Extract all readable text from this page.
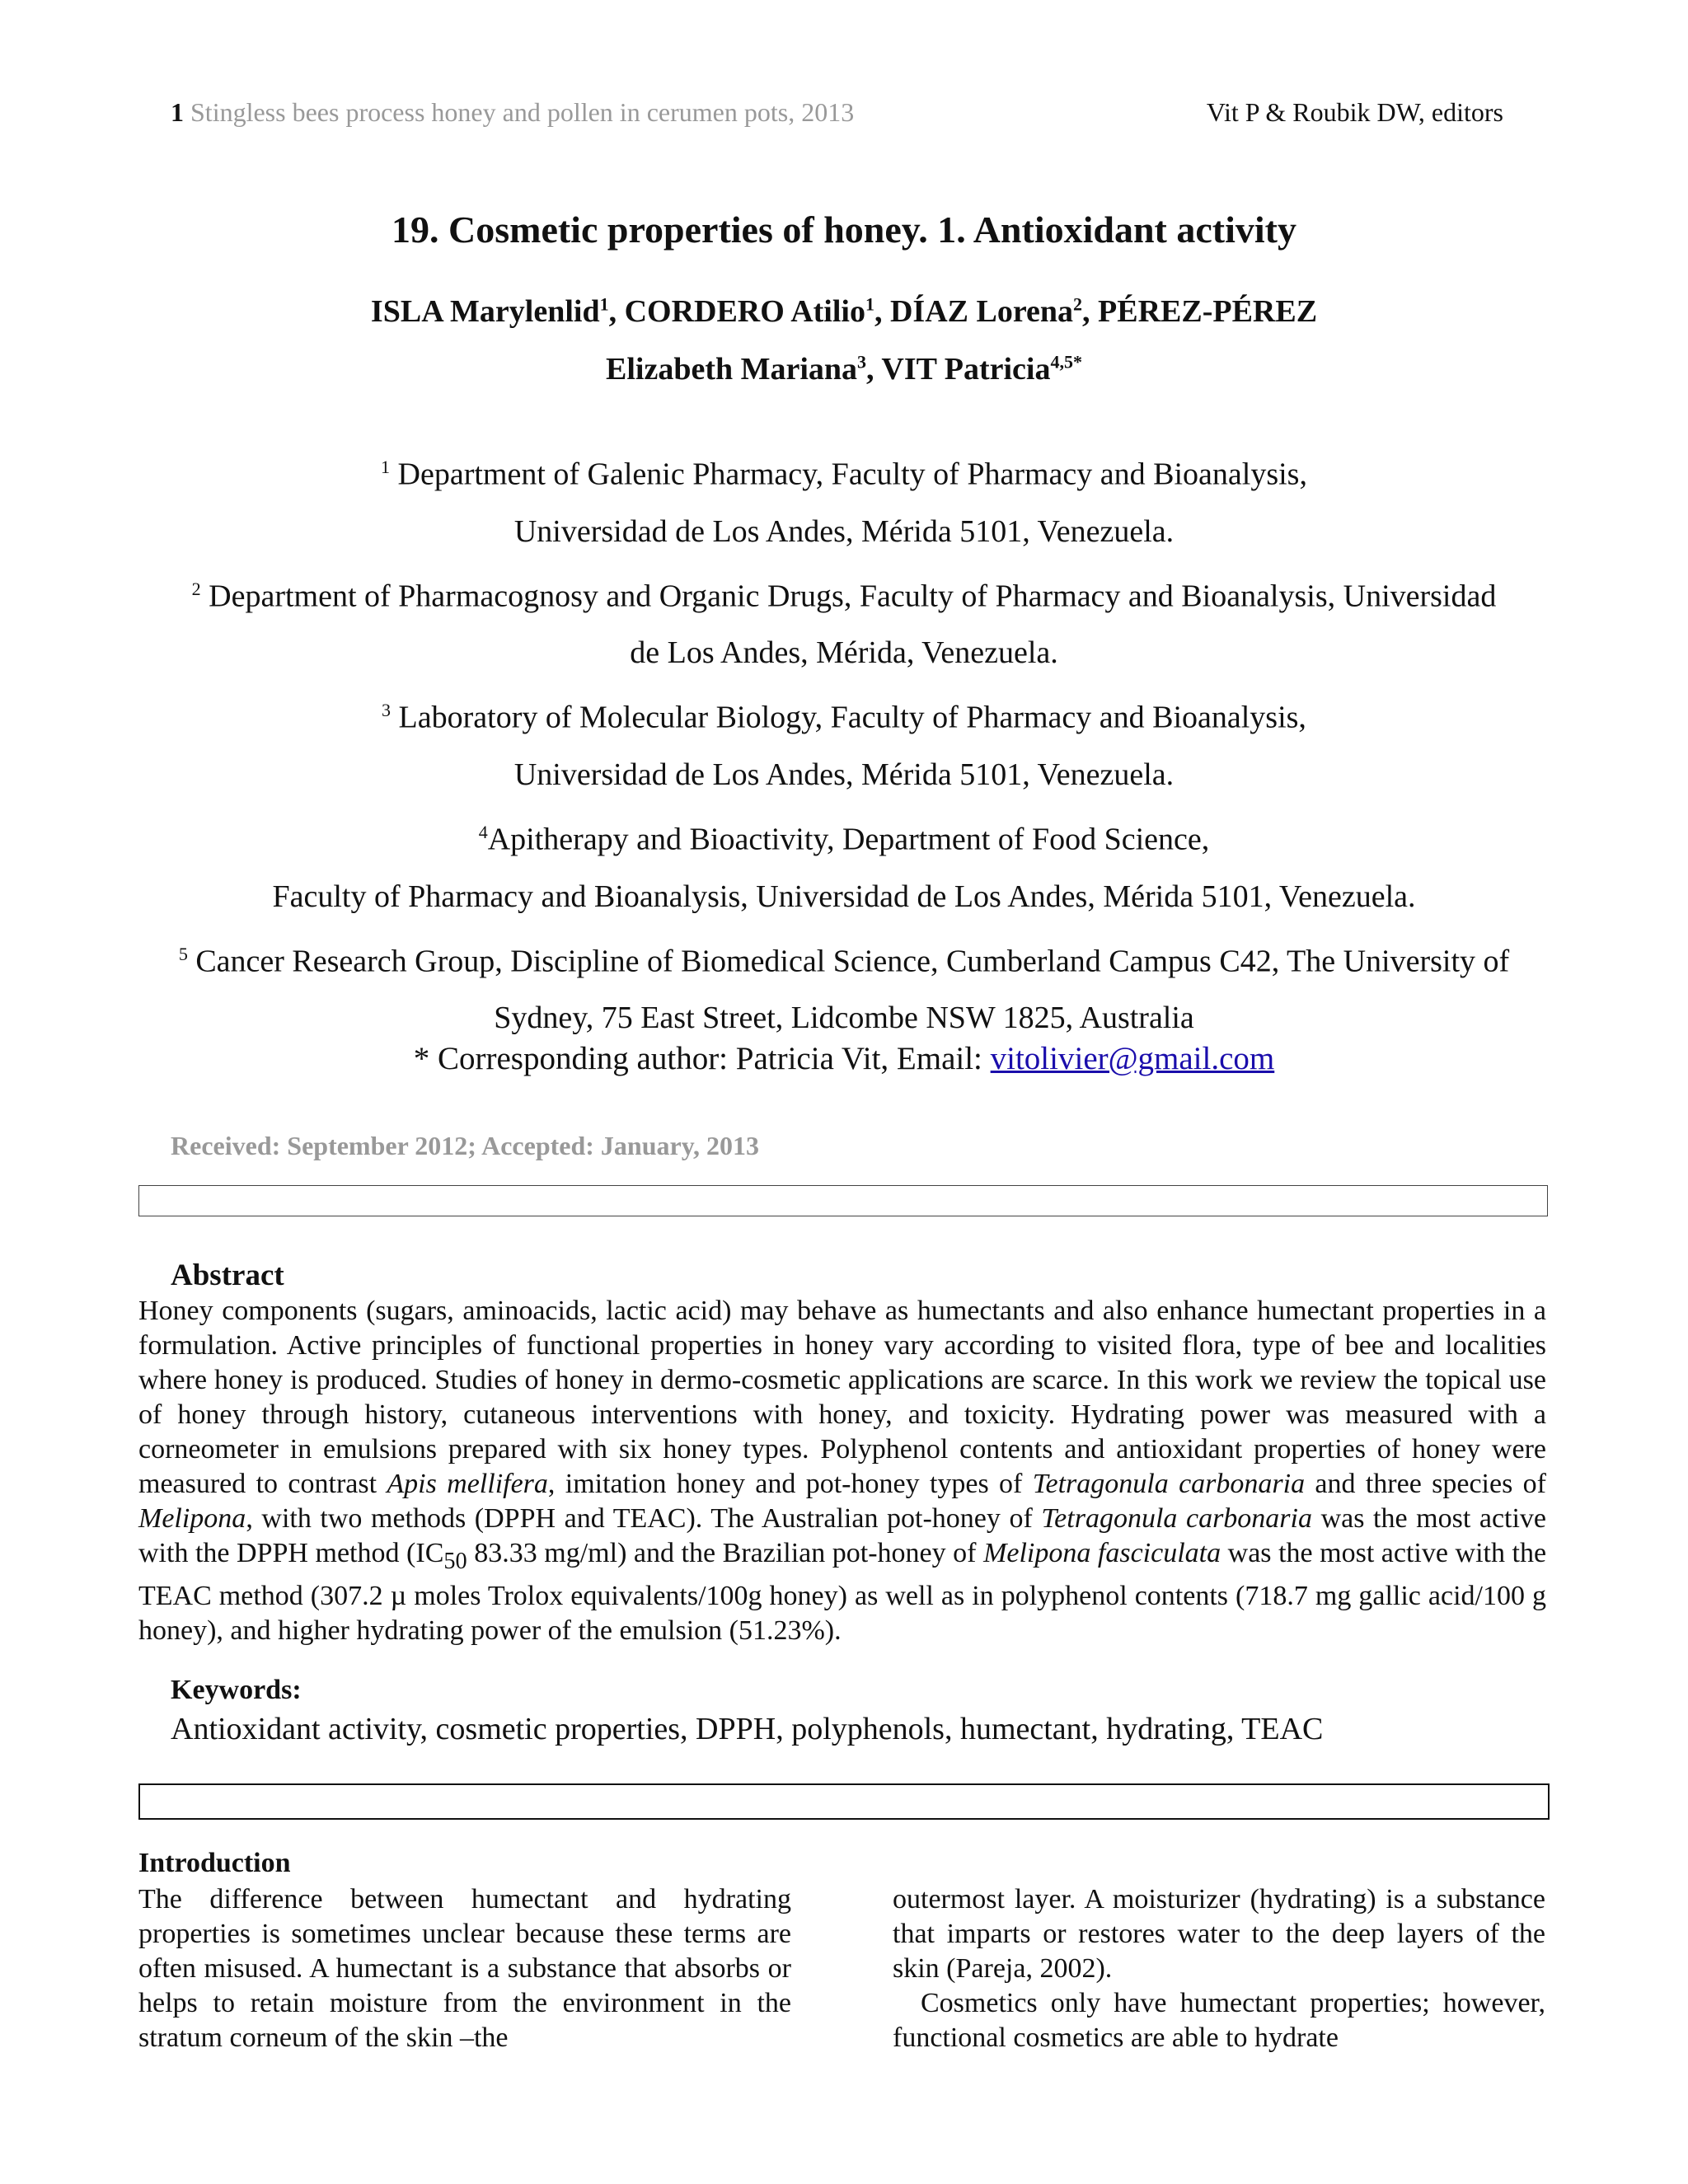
1 Stingless bees process honey and pollen in cerumen pots, 2013	Vit P & Roubik DW, editors
19. Cosmetic properties of honey. 1. Antioxidant activity
ISLA Marylenlid$^1$, CORDERO Atilio$^1$, DÍAZ Lorena$^2$, PÉREZ-PÉREZ
Elizabeth Mariana$^3$, VIT Patricia$^{4,5*}$
$^1$ Department of Galenic Pharmacy, Faculty of Pharmacy and Bioanalysis,
Universidad de Los Andes, Mérida 5101, Venezuela.
$^2$ Department of Pharmacognosy and Organic Drugs, Faculty of Pharmacy and Bioanalysis, Universidad
de Los Andes, Mérida, Venezuela.
$^3$ Laboratory of Molecular Biology, Faculty of Pharmacy and Bioanalysis,
Universidad de Los Andes, Mérida 5101, Venezuela.
$^4$Apitherapy and Bioactivity, Department of Food Science,
Faculty of Pharmacy and Bioanalysis, Universidad de Los Andes, Mérida 5101, Venezuela.
$^5$ Cancer Research Group, Discipline of Biomedical Science, Cumberland Campus C42, The University of
Sydney, 75 East Street, Lidcombe NSW 1825, Australia
* Corresponding author: Patricia Vit, Email: vitolivier@gmail.com
Received: September 2012; Accepted: January, 2013
Abstract

Honey components (sugars, aminoacids, lactic acid) may behave as humectants and also enhance humectant properties in a formulation. Active principles of functional properties in honey vary according to visited flora, type of bee and localities where honey is produced. Studies of honey in dermo-cosmetic applications are scarce. In this work we review the topical use of honey through history, cutaneous interventions with honey, and toxicity. Hydrating power was measured with a corneometer in emulsions prepared with six honey types. Polyphenol contents and antioxidant properties of honey were measured to contrast Apis mellifera, imitation honey and pot-honey types of Tetragonula carbonaria and three species of Melipona, with two methods (DPPH and TEAC). The Australian pot-honey of Tetragonula carbonaria was the most active with the DPPH method ($IC_{50}$ 83.33 mg/ml) and the Brazilian pot-honey of Melipona fasciculata was the most active with the TEAC method (307.2 µ moles Trolox equivalents/100g honey) as well as in polyphenol contents (718.7 mg gallic acid/100 g honey), and higher hydrating power of the emulsion (51.23%).

Keywords:
Antioxidant activity, cosmetic properties, DPPH, polyphenols, humectant, hydrating, TEAC
Introduction

The difference between humectant and hydrating properties is sometimes unclear because these terms are often misused. A humectant is a substance that absorbs or helps to retain moisture from the environment in the stratum corneum of the skin –the

outermost layer. A moisturizer (hydrating) is a substance that imparts or restores water to the deep layers of the skin (Pareja, 2002).

Cosmetics only have humectant properties; however, functional cosmetics are able to hydrate
